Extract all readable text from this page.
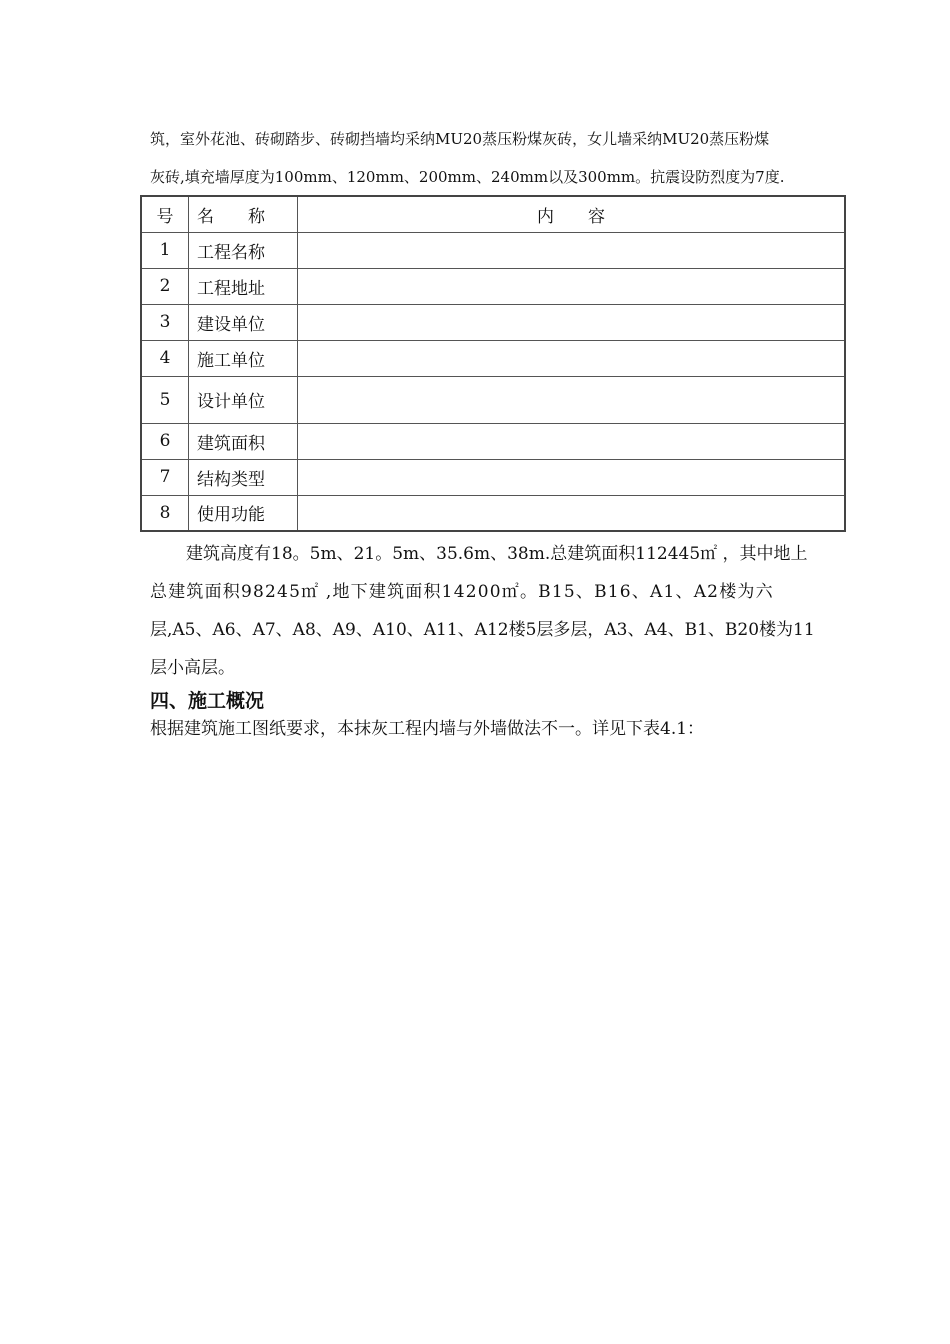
筑，室外花池、砖砌踏步、砖砌挡墙均采纳MU20蒸压粉煤灰砖，女儿墙采纳MU20蒸压粉煤
灰砖,填充墙厚度为100mm、120mm、200mm、240mm以及300mm。抗震设防烈度为7度.
号	名　　称	内　　容
1	工程名称	
2	工程地址	
3	建设单位	
4	施工单位	
5	设计单位	
6	建筑面积	
7	结构类型	
8	使用功能	
建筑高度有18。5m、21。5m、35.6m、38m.总建筑面积112445㎡ ，其中地上
总建筑面积98245㎡ ,地下建筑面积14200㎡。B15、B16、A1、A2楼为六
层,A5、A6、A7、A8、A9、A10、A11、A12楼5层多层，A3、A4、B1、B20楼为11
层小高层。
四、施工概况
根据建筑施工图纸要求，本抹灰工程内墙与外墙做法不一。详见下表4.1：
